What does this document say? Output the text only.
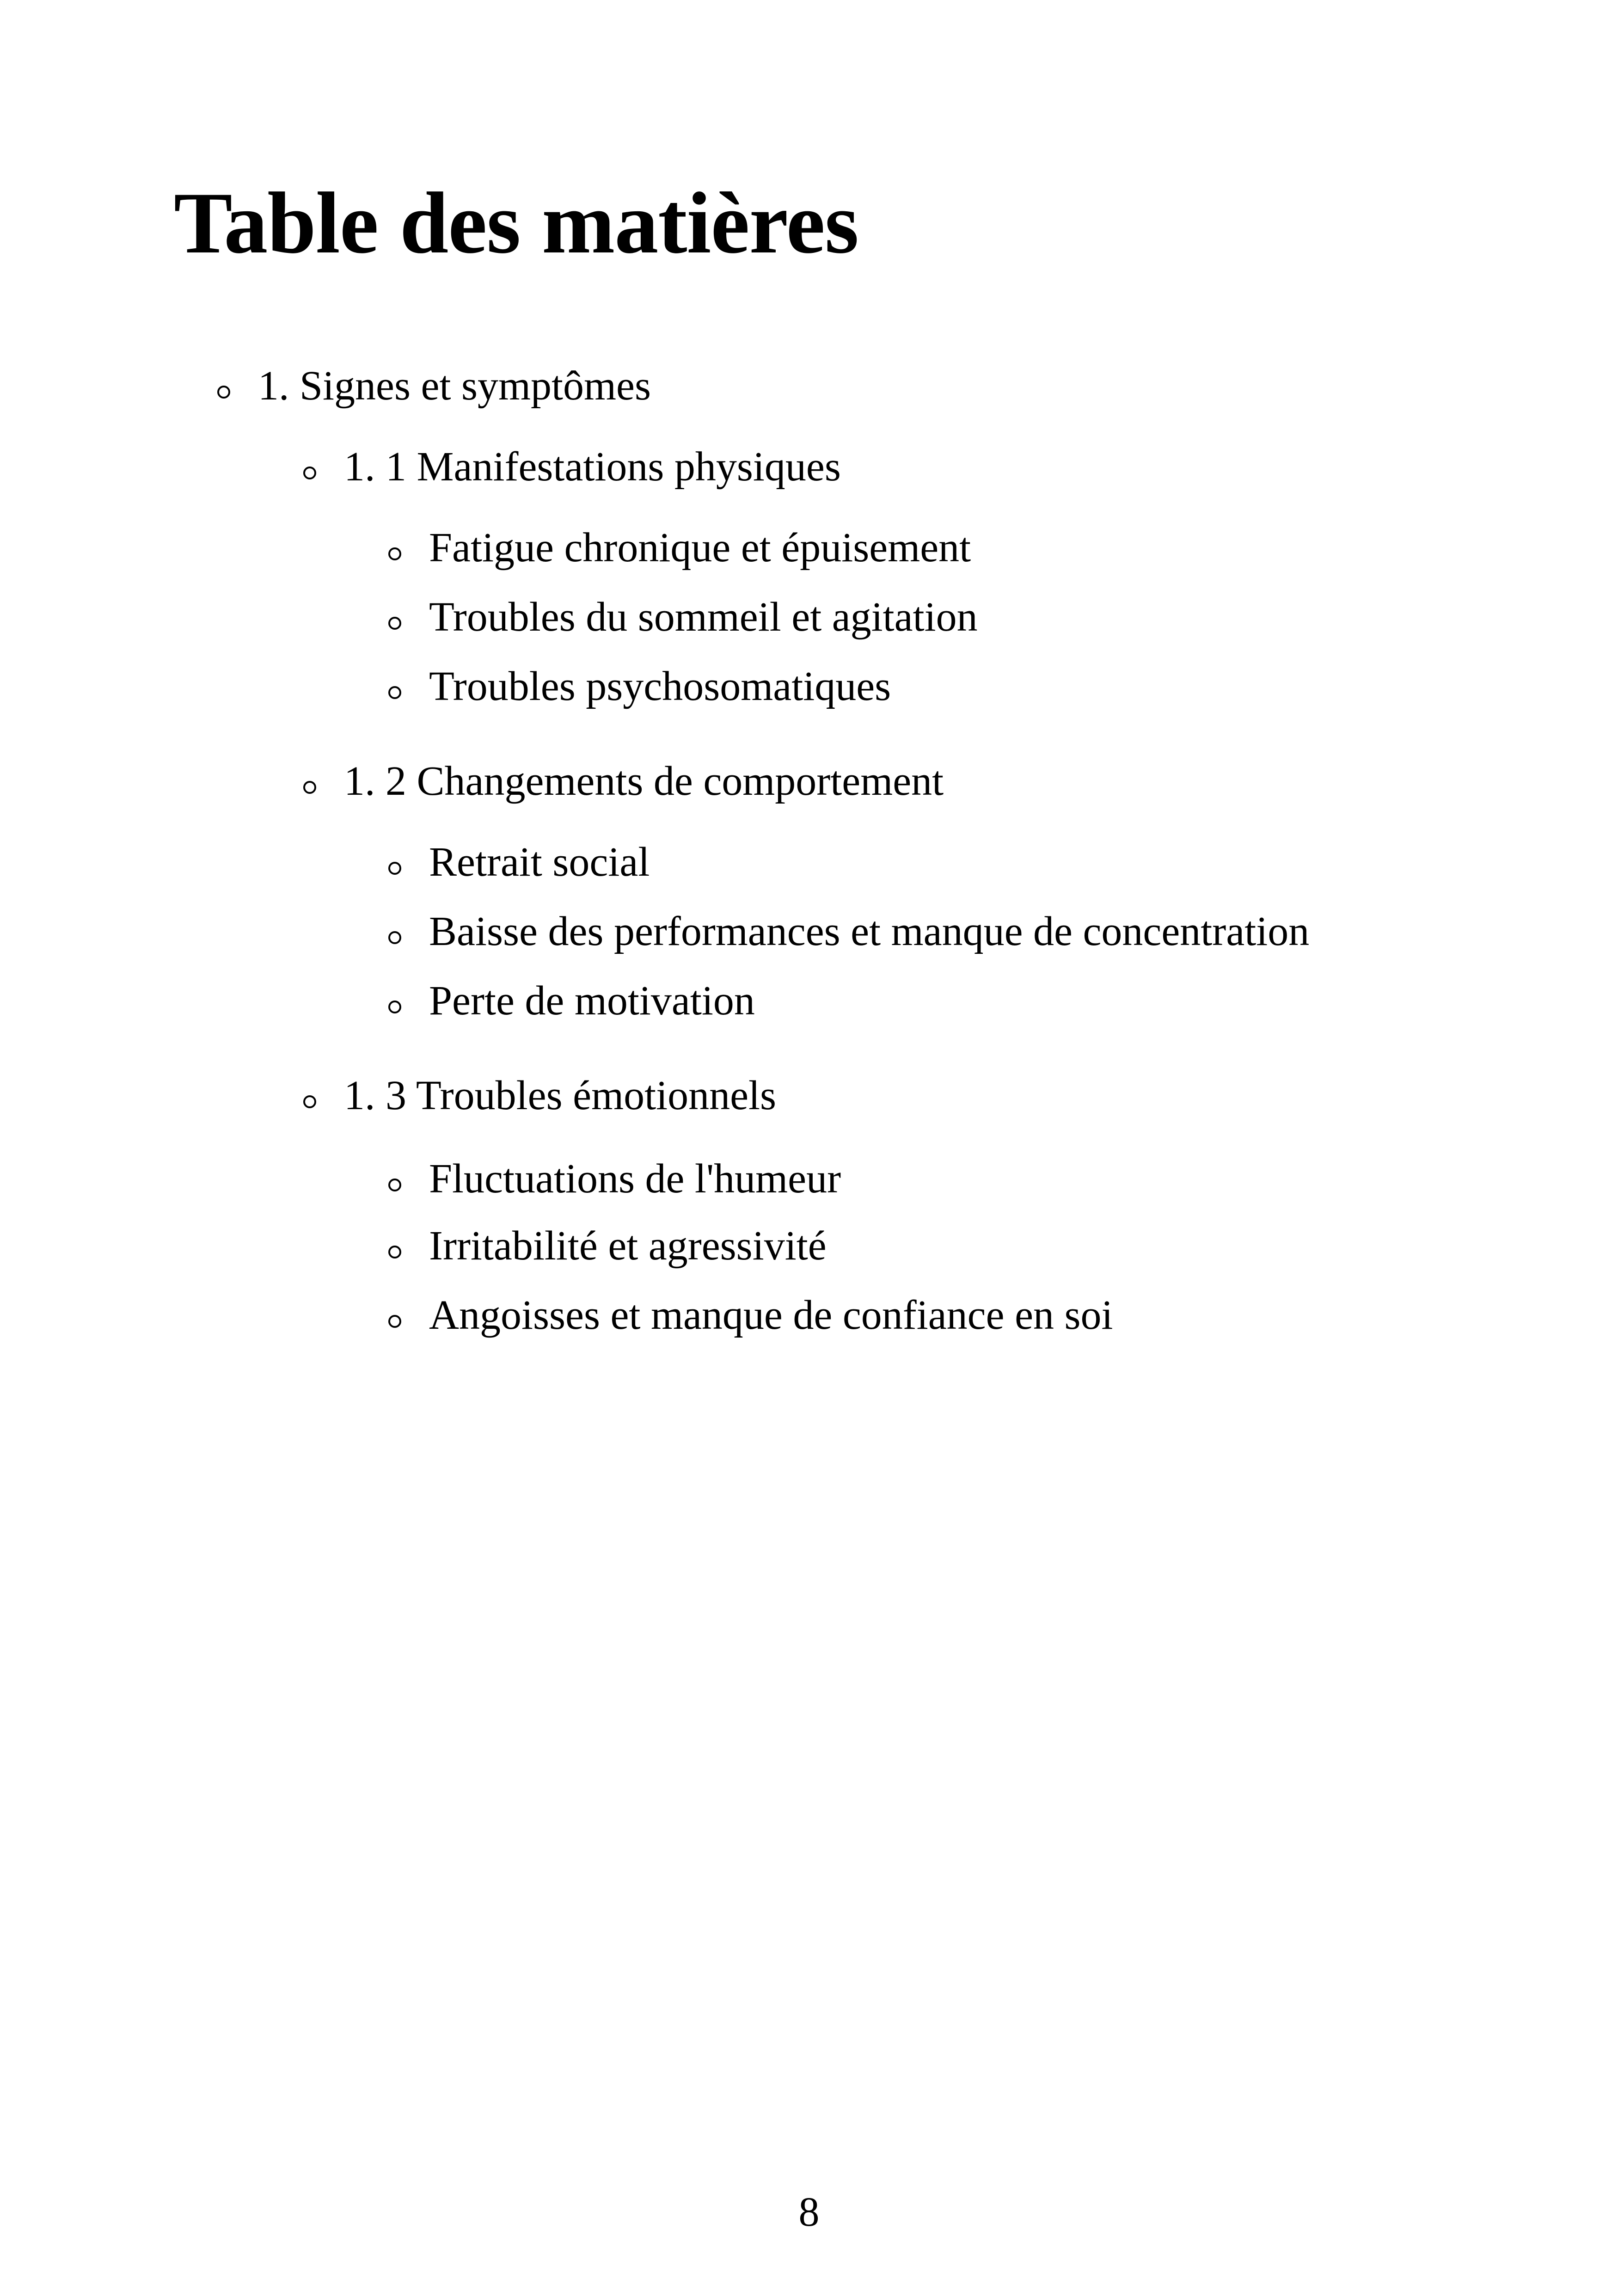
Table des matières
1. Signes et symptômes
1. 1 Manifestations physiques
Fatigue chronique et épuisement
Troubles du sommeil et agitation
Troubles psychosomatiques
1. 2 Changements de comportement
Retrait social
Baisse des performances et manque de concentration
Perte de motivation
1. 3 Troubles émotionnels
Fluctuations de l'humeur
Irritabilité et agressivité
Angoisses et manque de confiance en soi
8
